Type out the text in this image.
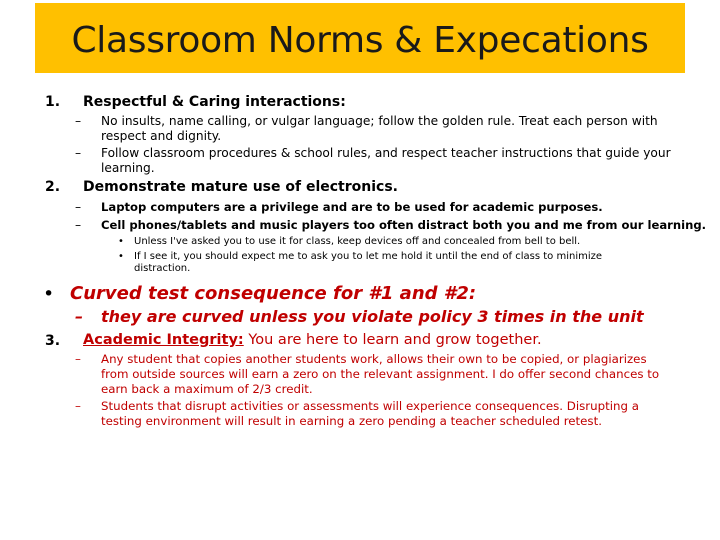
Classroom Norms & Expecations
1. Respectful & Caring interactions:
– No insults, name calling, or vulgar language; follow the golden rule. Treat each person with
respect and dignity.
– Follow classroom procedures & school rules, and respect teacher instructions that guide your
learning.
2. Demonstrate mature use of electronics.
– Laptop computers are a privilege and are to be used for academic purposes.
– Cell phones/tablets and music players too often distract both you and me from our learning.
• Unless I've asked you to use it for class, keep devices off and concealed from bell to bell.
• If I see it, you should expect me to ask you to let me hold it until the end of class to minimize
distraction.
• Curved test consequence for #1 and #2:
– they are curved unless you violate policy 3 times in the unit
3. Academic Integrity: You are here to learn and grow together.
– Any student that copies another students work, allows their own to be copied, or plagiarizes
from outside sources will earn a zero on the relevant assignment. I do offer second chances to
earn back a maximum of 2/3 credit.
– Students that disrupt activities or assessments will experience consequences. Disrupting a
testing environment will result in earning a zero pending a teacher scheduled retest.
